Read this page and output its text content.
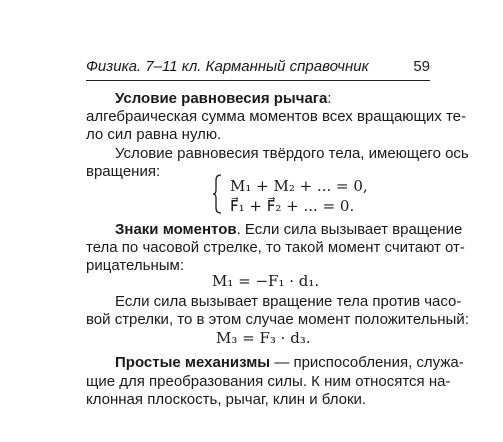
Физика. 7–11 кл. Карманный справочник	59
Условие равновесия рычага:
алгебраическая сумма моментов всех вращающих те-
ло сил равна нулю.
Условие равновесия твёрдого тела, имеющего ось
вращения:
M₁ + M₂ + ... = 0,
F⃗₁ + F⃗₂ + ... = 0.
Знаки моментов. Если сила вызывает вращение
тела по часовой стрелке, то такой момент считают от-
рицательным:
M₁ = −F₁ · d₁.
Если сила вызывает вращение тела против часо-
вой стрелки, то в этом случае момент положительный:
M₃ = F₃ · d₃.
Простые механизмы — приспособления, служа-
щие для преобразования силы. К ним относятся на-
клонная плоскость, рычаг, клин и блоки.
